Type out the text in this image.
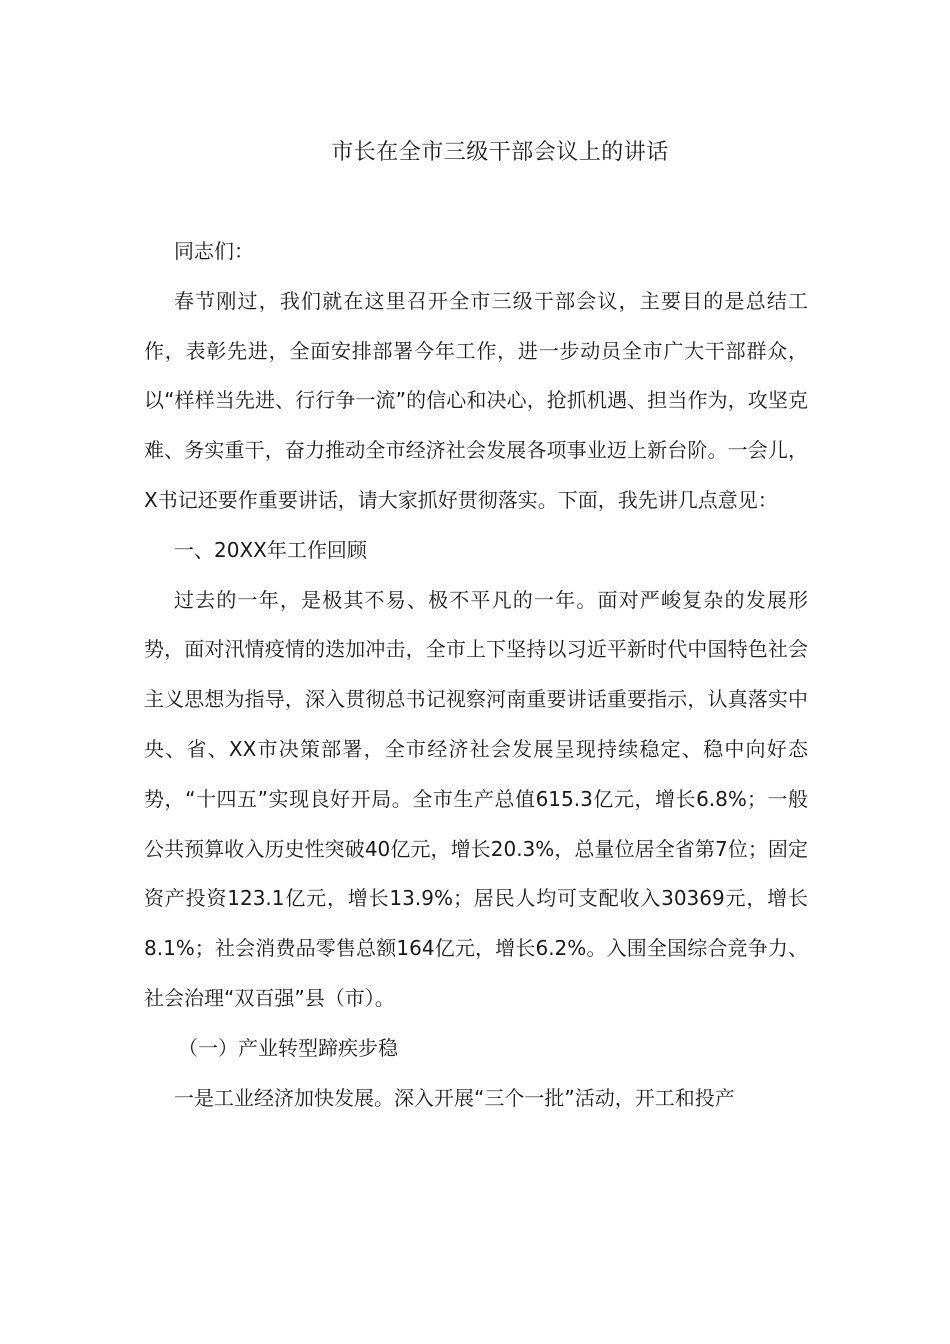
市长在全市三级干部会议上的讲话

同志们：

春节刚过，我们就在这里召开全市三级干部会议，主要目的是总结工作，表彰先进，全面安排部署今年工作，进一步动员全市广大干部群众，以“样样当先进、行行争一流”的信心和决心，抢抓机遇、担当作为，攻坚克难、务实重干，奋力推动全市经济社会发展各项事业迈上新台阶。一会儿，X书记还要作重要讲话，请大家抓好贯彻落实。下面，我先讲几点意见：

一、20XX年工作回顾

过去的一年，是极其不易、极不平凡的一年。面对严峻复杂的发展形势，面对汛情疫情的迭加冲击，全市上下坚持以习近平新时代中国特色社会主义思想为指导，深入贯彻总书记视察河南重要讲话重要指示，认真落实中央、省、XX市决策部署，全市经济社会发展呈现持续稳定、稳中向好态势，“十四五”实现良好开局。全市生产总值615.3亿元，增长6.8%；一般公共预算收入历史性突破40亿元，增长20.3%，总量位居全省第7位；固定资产投资123.1亿元，增长13.9%；居民人均可支配收入30369元，增长8.1%；社会消费品零售总额164亿元，增长6.2%。入围全国综合竞争力、社会治理“双百强”县（市）。

（一）产业转型蹄疾步稳

一是工业经济加快发展。深入开展“三个一批”活动，开工和投产
